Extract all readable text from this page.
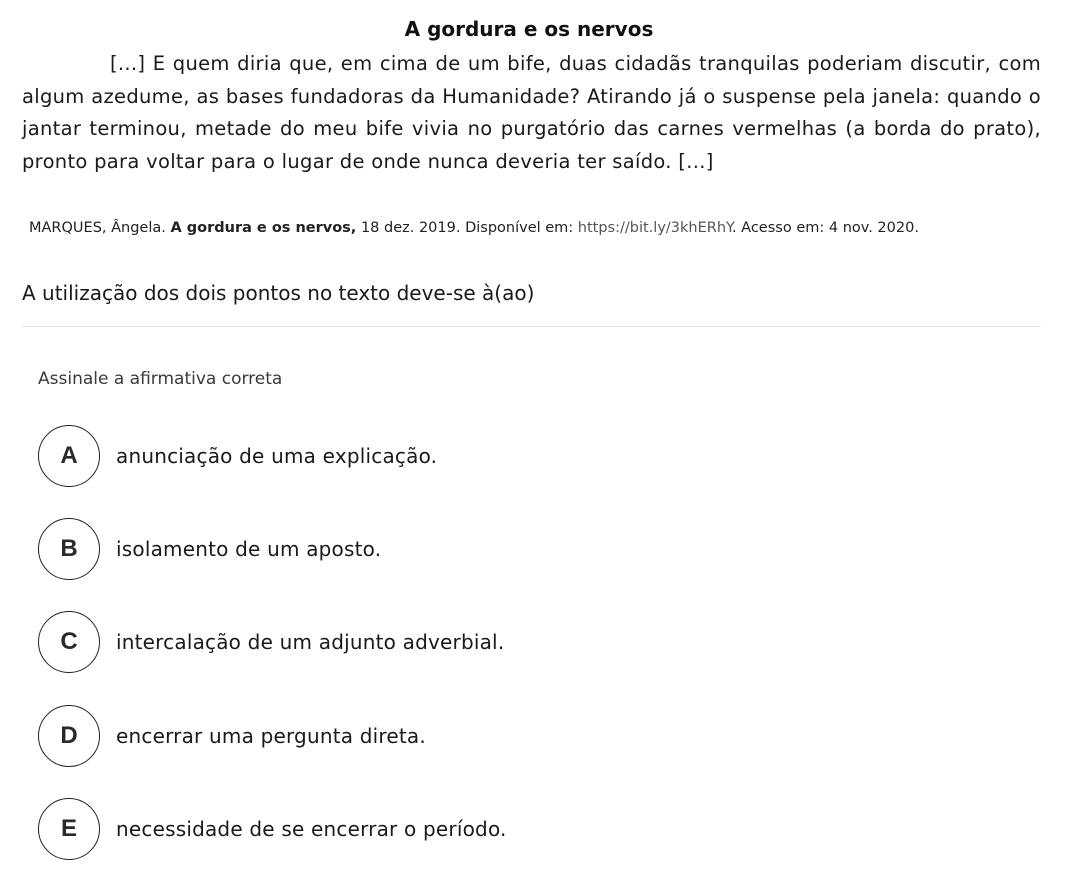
A gordura e os nervos

[...] E quem diria que, em cima de um bife, duas cidadãs tranquilas poderiam discutir, com algum azedume, as bases fundadoras da Humanidade? Atirando já o suspense pela janela: quando o jantar terminou, metade do meu bife vivia no purgatório das carnes vermelhas (a borda do prato), pronto para voltar para o lugar de onde nunca deveria ter saído. [...]

MARQUES, Ângela. A gordura e os nervos, 18 dez. 2019. Disponível em: https://bit.ly/3khERhY. Acesso em: 4 nov. 2020.
A utilização dos dois pontos no texto deve-se à(ao)
Assinale a afirmativa correta
A	anunciação de uma explicação.
B	isolamento de um aposto.
C	intercalação de um adjunto adverbial.
D	encerrar uma pergunta direta.
E	necessidade de se encerrar o período.
